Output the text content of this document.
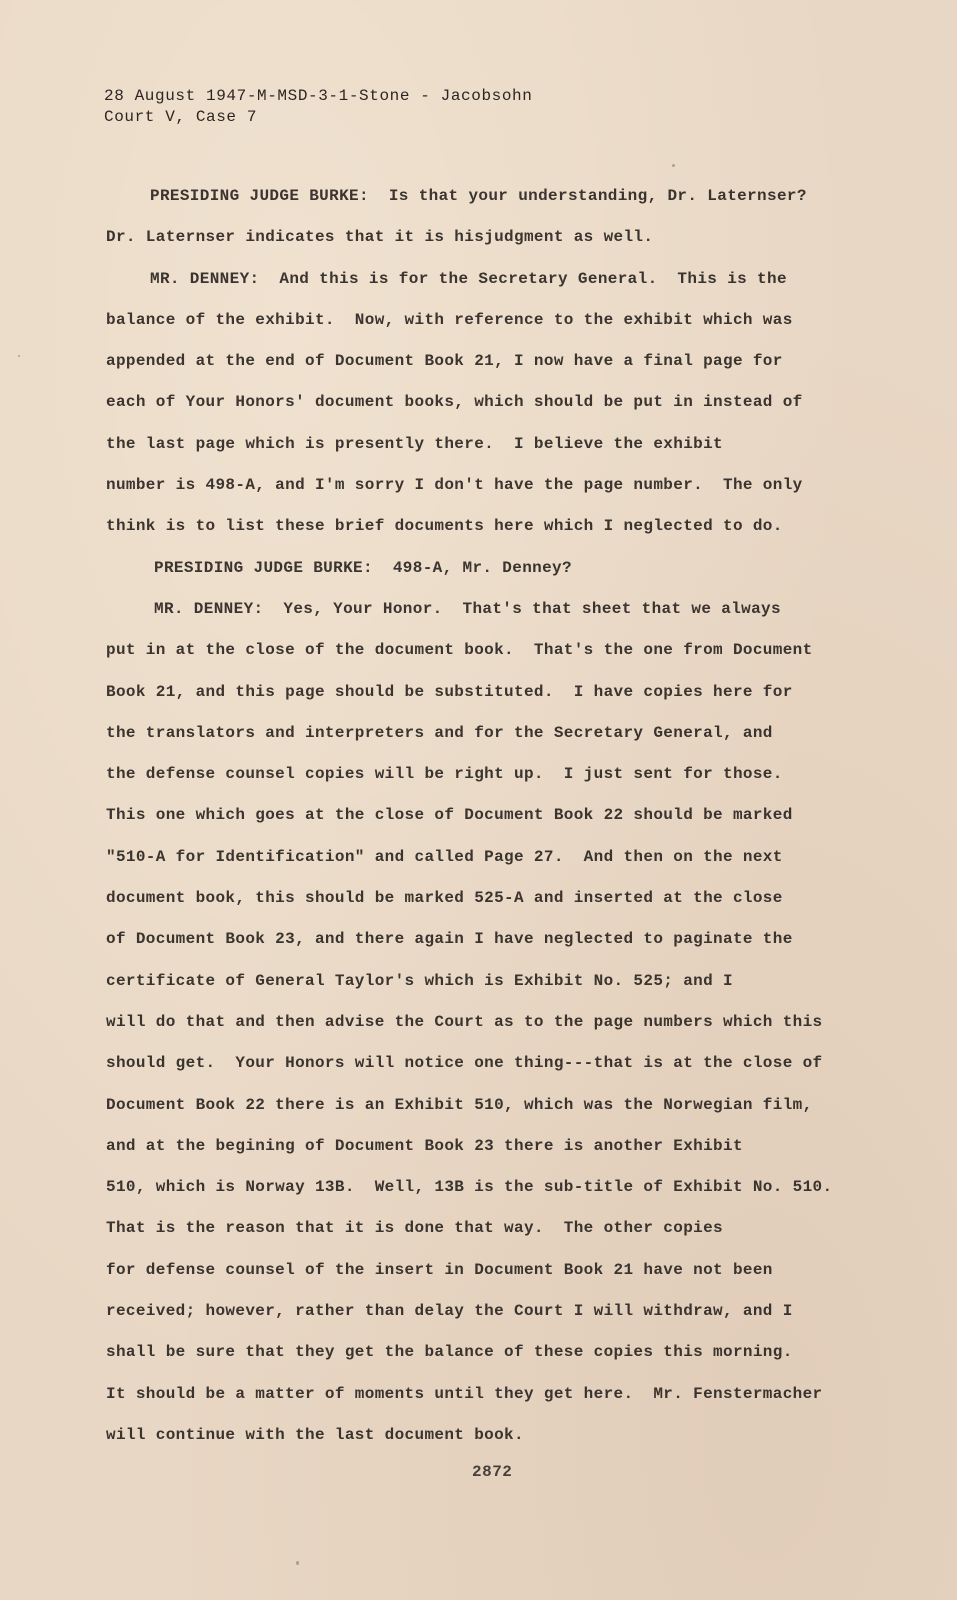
28 August 1947-M-MSD-3-1-Stone - Jacobsohn
Court V, Case 7
PRESIDING JUDGE BURKE:  Is that your understanding, Dr. Laternser?
Dr. Laternser indicates that it is hisjudgment as well.
MR. DENNEY:  And this is for the Secretary General.  This is the
balance of the exhibit.  Now, with reference to the exhibit which was
appended at the end of Document Book 21, I now have a final page for
each of Your Honors' document books, which should be put in instead of
the last page which is presently there.  I believe the exhibit
number is 498-A, and I'm sorry I don't have the page number.  The only
think is to list these brief documents here which I neglected to do.
PRESIDING JUDGE BURKE:  498-A, Mr. Denney?
MR. DENNEY:  Yes, Your Honor.  That's that sheet that we always
put in at the close of the document book.  That's the one from Document
Book 21, and this page should be substituted.  I have copies here for
the translators and interpreters and for the Secretary General, and
the defense counsel copies will be right up.  I just sent for those.
This one which goes at the close of Document Book 22 should be marked
"510-A for Identification" and called Page 27.  And then on the next
document book, this should be marked 525-A and inserted at the close
of Document Book 23, and there again I have neglected to paginate the
certificate of General Taylor's which is Exhibit No. 525; and I
will do that and then advise the Court as to the page numbers which this
should get.  Your Honors will notice one thing---that is at the close of
Document Book 22 there is an Exhibit 510, which was the Norwegian film,
and at the begining of Document Book 23 there is another Exhibit
510, which is Norway 13B.  Well, 13B is the sub-title of Exhibit No. 510.
That is the reason that it is done that way.  The other copies
for defense counsel of the insert in Document Book 21 have not been
received; however, rather than delay the Court I will withdraw, and I
shall be sure that they get the balance of these copies this morning.
It should be a matter of moments until they get here.  Mr. Fenstermacher
will continue with the last document book.
2872
